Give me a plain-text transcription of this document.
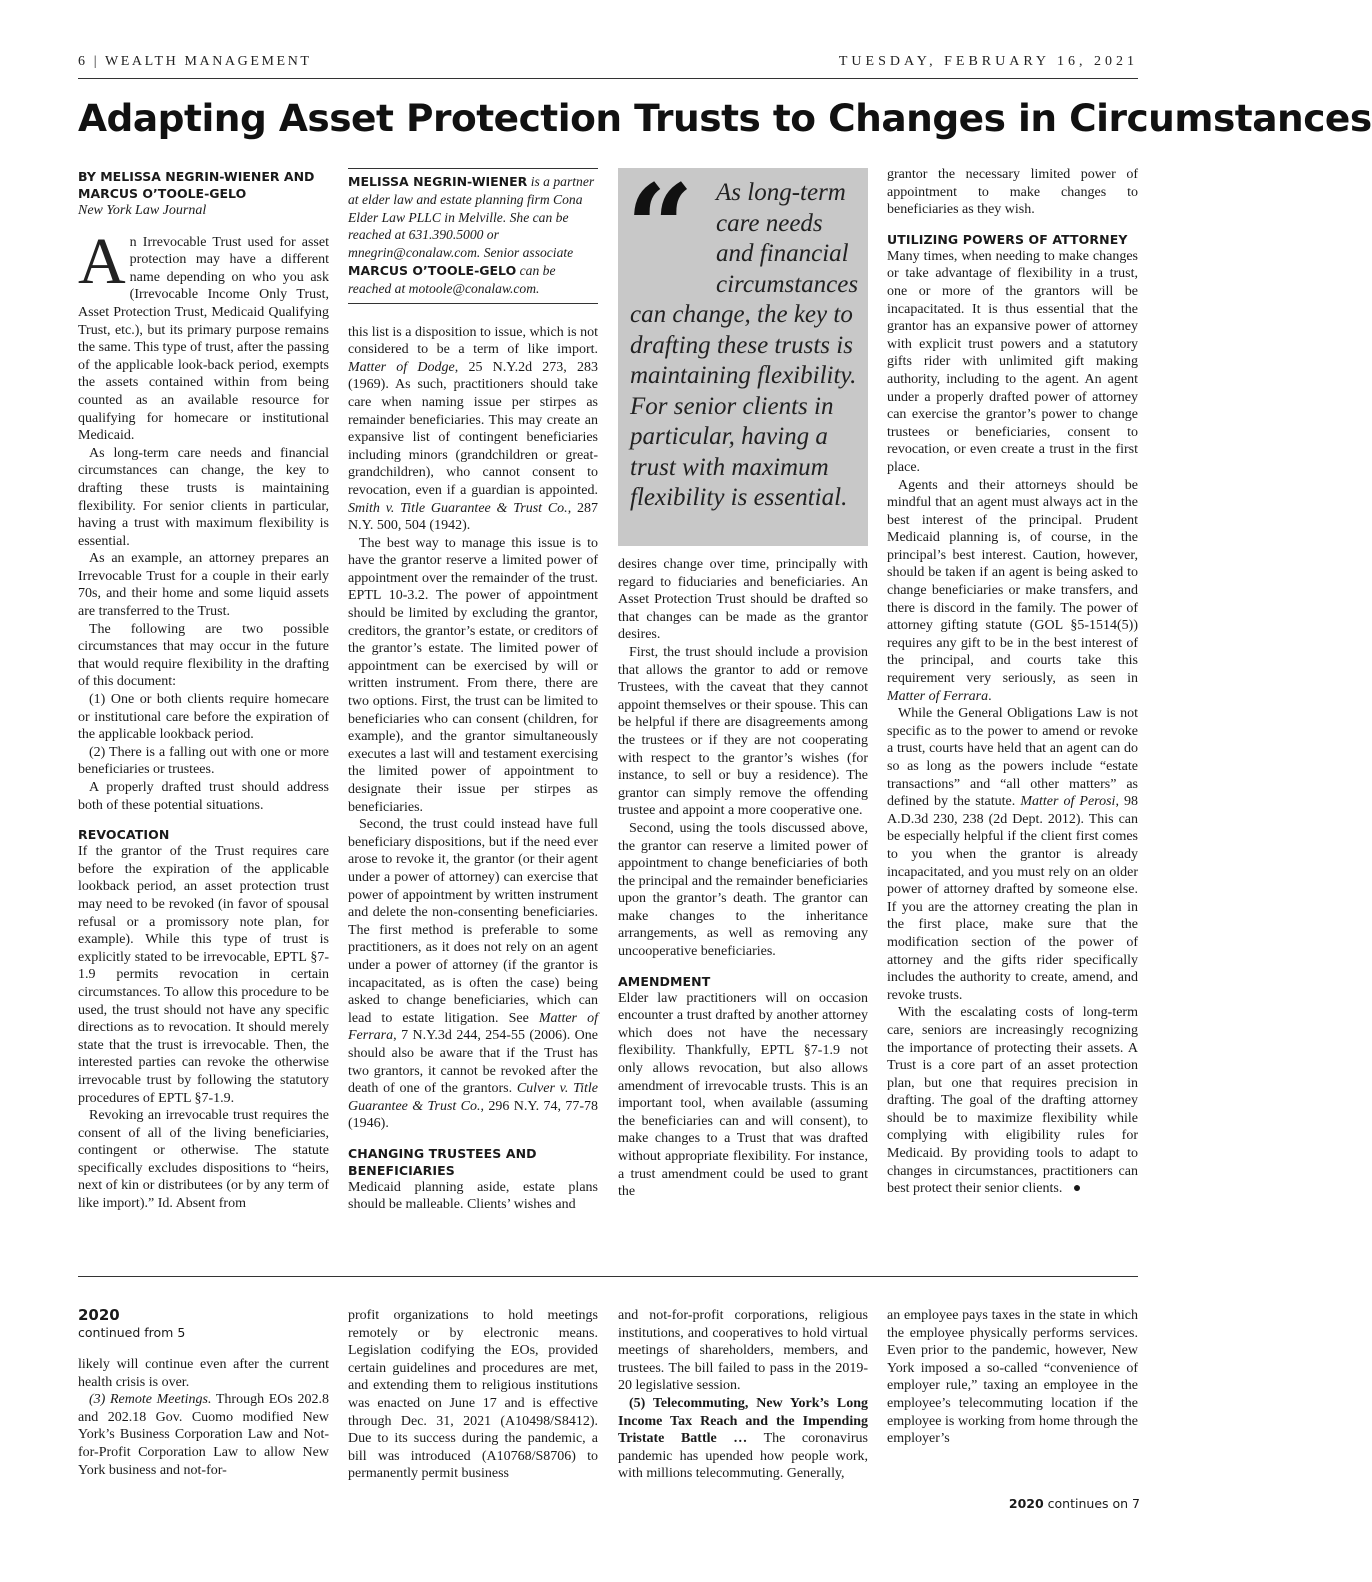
6 | WEALTH MANAGEMENT	TUESDAY, FEBRUARY 16, 2021
Adapting Asset Protection Trusts to Changes in Circumstances
BY MELISSA NEGRIN-WIENER AND MARCUS O’TOOLE-GELO
New York Law Journal

An Irrevocable Trust used for asset protection may have a different name depending on who you ask (Irrevocable Income Only Trust, Asset Protection Trust, Medicaid Qualifying Trust, etc.), but its primary purpose remains the same. This type of trust, after the passing of the applicable look-back period, exempts the assets contained within from being counted as an available resource for qualifying for homecare or institutional Medicaid.

As long-term care needs and financial circumstances can change, the key to drafting these trusts is maintaining flexibility. For senior clients in particular, having a trust with maximum flexibility is essential.

As an example, an attorney prepares an Irrevocable Trust for a couple in their early 70s, and their home and some liquid assets are transferred to the Trust.

The following are two possible circumstances that may occur in the future that would require flexibility in the drafting of this document:

(1) One or both clients require homecare or institutional care before the expiration of the applicable lookback period.

(2) There is a falling out with one or more beneficiaries or trustees.

A properly drafted trust should address both of these potential situations.

REVOCATION

If the grantor of the Trust requires care before the expiration of the applicable lookback period, an asset protection trust may need to be revoked (in favor of spousal refusal or a promissory note plan, for example). While this type of trust is explicitly stated to be irrevocable, EPTL §7-1.9 permits revocation in certain circumstances. To allow this procedure to be used, the trust should not have any specific directions as to revocation. It should merely state that the trust is irrevocable. Then, the interested parties can revoke the otherwise irrevocable trust by following the statutory procedures of EPTL §7-1.9.

Revoking an irrevocable trust requires the consent of all of the living beneficiaries, contingent or otherwise. The statute specifically excludes dispositions to “heirs, next of kin or distributees (or by any term of like import).” Id. Absent from

MELISSA NEGRIN-WIENER is a partner at elder law and estate planning firm Cona Elder Law PLLC in Melville. She can be reached at 631.390.5000 or mnegrin@conalaw.com. Senior associate MARCUS O’TOOLE-GELO can be reached at motoole@conalaw.com.

this list is a disposition to issue, which is not considered to be a term of like import. Matter of Dodge, 25 N.Y.2d 273, 283 (1969). As such, practitioners should take care when naming issue per stirpes as remainder beneficiaries. This may create an expansive list of contingent beneficiaries including minors (grandchildren or great-grandchildren), who cannot consent to revocation, even if a guardian is appointed. Smith v. Title Guarantee & Trust Co., 287 N.Y. 500, 504 (1942).

The best way to manage this issue is to have the grantor reserve a limited power of appointment over the remainder of the trust. EPTL 10-3.2. The power of appointment should be limited by excluding the grantor, creditors, the grantor’s estate, or creditors of the grantor’s estate. The limited power of appointment can be exercised by will or written instrument. From there, there are two options. First, the trust can be limited to beneficiaries who can consent (children, for example), and the grantor simultaneously executes a last will and testament exercising the limited power of appointment to designate their issue per stirpes as beneficiaries.

Second, the trust could instead have full beneficiary dispositions, but if the need ever arose to revoke it, the grantor (or their agent under a power of attorney) can exercise that power of appointment by written instrument and delete the non-consenting beneficiaries. The first method is preferable to some practitioners, as it does not rely on an agent under a power of attorney (if the grantor is incapacitated, as is often the case) being asked to change beneficiaries, which can lead to estate litigation. See Matter of Ferrara, 7 N.Y.3d 244, 254-55 (2006). One should also be aware that if the Trust has two grantors, it cannot be revoked after the death of one of the grantors. Culver v. Title Guarantee & Trust Co., 296 N.Y. 74, 77-78 (1946).

CHANGING TRUSTEES AND BENEFICIARIES

Medicaid planning aside, estate plans should be malleable. Clients’ wishes and

“ As long-term care needs and financial circumstances can change, the key to drafting these trusts is maintaining flexibility. For senior clients in particular, having a trust with maximum flexibility is essential.

desires change over time, principally with regard to fiduciaries and beneficiaries. An Asset Protection Trust should be drafted so that changes can be made as the grantor desires.

First, the trust should include a provision that allows the grantor to add or remove Trustees, with the caveat that they cannot appoint themselves or their spouse. This can be helpful if there are disagreements among the trustees or if they are not cooperating with respect to the grantor’s wishes (for instance, to sell or buy a residence). The grantor can simply remove the offending trustee and appoint a more cooperative one.

Second, using the tools discussed above, the grantor can reserve a limited power of appointment to change beneficiaries of both the principal and the remainder beneficiaries upon the grantor’s death. The grantor can make changes to the inheritance arrangements, as well as removing any uncooperative beneficiaries.

AMENDMENT

Elder law practitioners will on occasion encounter a trust drafted by another attorney which does not have the necessary flexibility. Thankfully, EPTL §7-1.9 not only allows revocation, but also allows amendment of irrevocable trusts. This is an important tool, when available (assuming the beneficiaries can and will consent), to make changes to a Trust that was drafted without appropriate flexibility. For instance, a trust amendment could be used to grant the

grantor the necessary limited power of appointment to make changes to beneficiaries as they wish.

UTILIZING POWERS OF ATTORNEY

Many times, when needing to make changes or take advantage of flexibility in a trust, one or more of the grantors will be incapacitated. It is thus essential that the grantor has an expansive power of attorney with explicit trust powers and a statutory gifts rider with unlimited gift making authority, including to the agent. An agent under a properly drafted power of attorney can exercise the grantor’s power to change trustees or beneficiaries, consent to revocation, or even create a trust in the first place.

Agents and their attorneys should be mindful that an agent must always act in the best interest of the principal. Prudent Medicaid planning is, of course, in the principal’s best interest. Caution, however, should be taken if an agent is being asked to change beneficiaries or make transfers, and there is discord in the family. The power of attorney gifting statute (GOL §5-1514(5)) requires any gift to be in the best interest of the principal, and courts take this requirement very seriously, as seen in Matter of Ferrara.

While the General Obligations Law is not specific as to the power to amend or revoke a trust, courts have held that an agent can do so as long as the powers include “estate transactions” and “all other matters” as defined by the statute. Matter of Perosi, 98 A.D.3d 230, 238 (2d Dept. 2012). This can be especially helpful if the client first comes to you when the grantor is already incapacitated, and you must rely on an older power of attorney drafted by someone else. If you are the attorney creating the plan in the first place, make sure that the modification section of the power of attorney and the gifts rider specifically includes the authority to create, amend, and revoke trusts.

With the escalating costs of long-term care, seniors are increasingly recognizing the importance of protecting their assets. A Trust is a core part of an asset protection plan, but one that requires precision in drafting. The goal of the drafting attorney should be to maximize flexibility while complying with eligibility rules for Medicaid. By providing tools to adapt to changes in circumstances, practitioners can best protect their senior clients. ●

2020
continued from 5

likely will continue even after the current health crisis is over.

(3) Remote Meetings. Through EOs 202.8 and 202.18 Gov. Cuomo modified New York’s Business Corporation Law and Not-for-Profit Corporation Law to allow New York business and not-for-

profit organizations to hold meetings remotely or by electronic means. Legislation codifying the EOs, provided certain guidelines and procedures are met, and extending them to religious institutions was enacted on June 17 and is effective through Dec. 31, 2021 (A10498/S8412). Due to its success during the pandemic, a bill was introduced (A10768/S8706) to permanently permit business

and not-for-profit corporations, religious institutions, and cooperatives to hold virtual meetings of shareholders, members, and trustees. The bill failed to pass in the 2019-20 legislative session.

(5) Telecommuting, New York’s Long Income Tax Reach and the Impending Tristate Battle … The coronavirus pandemic has upended how people work, with millions telecommuting. Generally,

an employee pays taxes in the state in which the employee physically performs services. Even prior to the pandemic, however, New York imposed a so-called “convenience of employer rule,” taxing an employee in the employee’s telecommuting location if the employee is working from home through the employer’s

2020 continues on 7
